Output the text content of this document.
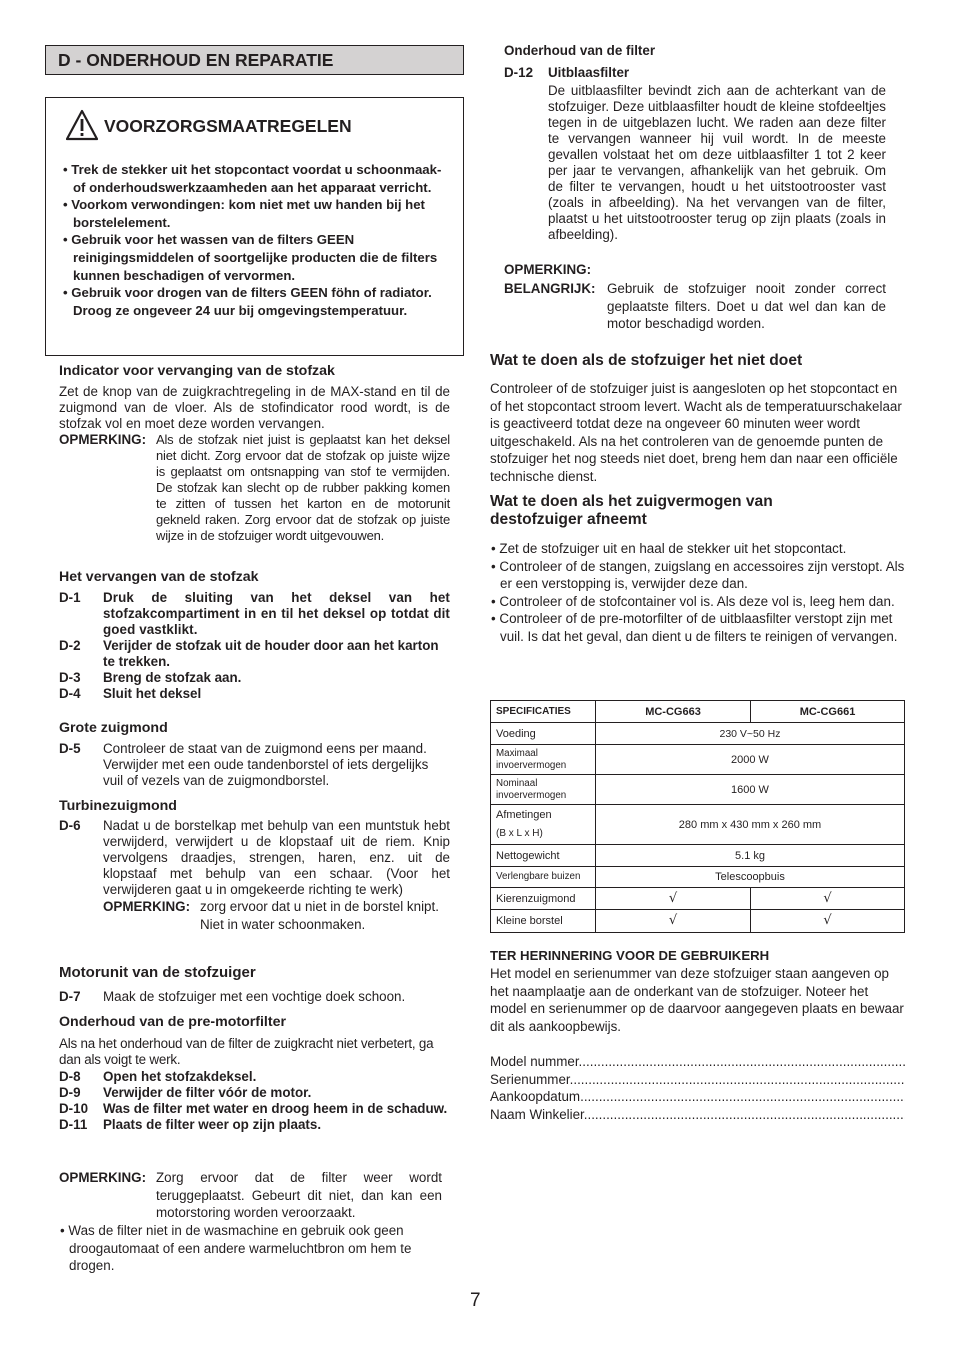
D - ONDERHOUD EN REPARATIE
VOORZORGSMAATREGELEN
• Trek de stekker uit het stopcontact voordat u schoonmaak- of onderhoudswerkzaamheden aan het apparaat verricht.
• Voorkom verwondingen: kom niet met uw handen bij het borstelelement.
• Gebruik voor het wassen van de filters GEEN reinigingsmiddelen of soortgelijke producten die de filters kunnen beschadigen of vervormen.
• Gebruik voor drogen van de filters GEEN föhn of radiator. Droog ze ongeveer 24 uur bij omgevingstemperatuur.
Indicator voor vervanging van de stofzak
Zet de knop van de zuigkrachtregeling in de MAX-stand en til de zuigmond van de vloer. Als de stofindicator rood wordt, is de stofzak vol en moet deze worden vervangen.
OPMERKING: Als de stofzak niet juist is geplaatst kan het deksel niet dicht. Zorg ervoor dat de stofzak op juiste wijze is geplaatst om ontsnapping van stof te vermijden. De stofzak kan slecht op de rubber pakking komen te zitten of tussen het karton en de motorunit gekneld raken. Zorg ervoor dat de stofzak op juiste wijze in de stofzuiger wordt uitgevouwen.
Het vervangen van de stofzak
D-1	Druk de sluiting van het deksel van het stofzakcompartiment in en til het deksel op totdat dit goed vastklikt.
D-2	Verijder de stofzak uit de houder door aan het karton te trekken.
D-3	Breng de stofzak aan.
D-4	Sluit het deksel
Grote zuigmond
D-5	Controleer de staat van de zuigmond eens per maand. Verwijder met een oude tandenborstel of iets dergelijks vuil of vezels van de zuigmondborstel.
Turbinezuigmond
D-6	Nadat u de borstelkap met behulp van een muntstuk hebt verwijderd, verwijdert u de klopstaaf uit de riem. Knip vervolgens draadjes, strengen, haren, enz. uit de klopstaaf met behulp van een schaar. (Voor het verwijderen gaat u in omgekeerde richting te werk)
OPMERKING: zorg ervoor dat u niet in de borstel knipt.
Niet in water schoonmaken.
Motorunit van de stofzuiger
D-7	Maak de stofzuiger met een vochtige doek schoon.
Onderhoud van de pre-motorfilter
Als na het onderhoud van de filter de zuigkracht niet verbetert, ga dan als voigt te werk.
D-8	Open het stofzakdeksel.
D-9	Verwijder de filter vóór de motor.
D-10	Was de filter met water en droog heem in de schaduw.
D-11	Plaats de filter weer op zijn plaats.
OPMERKING: Zorg ervoor dat de filter weer wordt teruggeplaatst. Gebeurt dit niet, dan kan een motorstoring worden veroorzaakt.
• Was de filter niet in de wasmachine en gebruik ook geen droogautomaat of een andere warmeluchtbron om hem te drogen.
Onderhoud van de filter
D-12	Uitblaasfilter
De uitblaasfilter bevindt zich aan de achterkant van de stofzuiger. Deze uitblaasfilter houdt de kleine stofdeeltjes tegen in de uitgeblazen lucht. We raden aan deze filter te vervangen wanneer hij vuil wordt. In de meeste gevallen volstaat het om deze uitblaasfilter 1 tot 2 keer per jaar te vervangen, afhankelijk van het gebruik. Om de filter te vervangen, houdt u het uitstootrooster vast (zoals in afbeelding). Na het vervangen van de filter, plaatst u het uitstootrooster terug op zijn plaats (zoals in afbeelding).
OPMERKING:
BELANGRIJK: Gebruik de stofzuiger nooit zonder correct geplaatste filters. Doet u dat wel dan kan de motor beschadigd worden.
Wat te doen als de stofzuiger het niet doet
Controleer of de stofzuiger juist is aangesloten op het stopcontact en of het stopcontact stroom levert. Wacht als de temperatuurschakelaar is geactiveerd totdat deze na ongeveer 60 minuten weer wordt uitgeschakeld. Als na het controleren van de genoemde punten de stofzuiger het nog steeds niet doet, breng hem dan naar een officiële technische dienst.
Wat te doen als het zuigvermogen van destofzuiger afneemt
• Zet de stofzuiger uit en haal de stekker uit het stopcontact.
• Controleer of de stangen, zuigslang en accessoires zijn verstopt. Als er een verstopping is, verwijder deze dan.
• Controleer of de stofcontainer vol is. Als deze vol is, leeg hem dan.
• Controleer of de pre-motorfilter of de uitblaasfilter verstopt zijn met vuil. Is dat het geval, dan dient u de filters te reinigen of vervangen.
SPECIFICATIES	MC-CG663	MC-CG661
Voeding	230 V~50 Hz	
Maximaal invoervermogen	2000 W	
Nominaal invoervermogen	1600 W	

Afmetingen
(B x L x H)	280 mm x 430 mm x 260 mm	
Nettogewicht	5.1 kg	
Verlengbare buizen	Telescoopbuis	
Kierenzuigmond	√	√
Kleine borstel	√	√
TER HERINNERING VOOR DE GEBRUIKERH
Het model en serienummer van deze stofzuiger staan aangeven op het naamplaatje aan de onderkant van de stofzuiger. Noteer het model en serienummer op de daarvoor aangegeven plaats en bewaar dit als aankoopbewijs.
Model nummer.
.....
Serienummer.
.....
Aankoopdatum.
.....
Naam Winkelier.
.....
7
